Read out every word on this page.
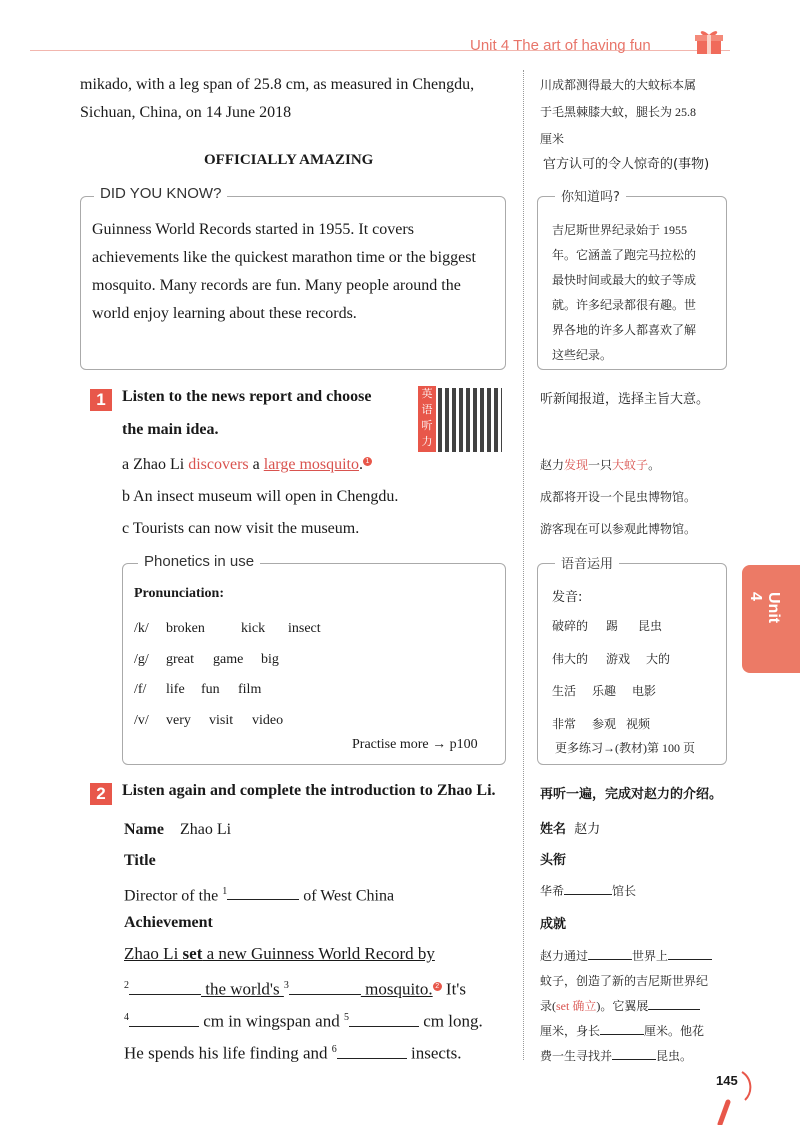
Unit 4 The art of having fun
mikado, with a leg span of 25.8 cm, as measured in Chengdu,
Sichuan, China, on 14 June 2018
川成都测得最大的大蚊标本属
于毛黑棘膝大蚊，腿长为 25.8
厘米
OFFICIALLY AMAZING	官方认可的令人惊奇的(事物)
DID YOU KNOW?
Guinness World Records started in 1955. It covers
achievements like the quickest marathon time or the biggest
mosquito. Many records are fun. Many people around the
world enjoy learning about these records.
你知道吗?
吉尼斯世界纪录始于 1955
年。它涵盖了跑完马拉松的
最快时间或最大的蚊子等成
就。许多纪录都很有趣。世
界各地的许多人都喜欢了解
这些纪录。
1	Listen to the news report and choose
the main idea.
英语听力
听新闻报道，选择主旨大意。
a Zhao Li discovers a large mosquito. 1
b An insect museum will open in Chengdu.
c Tourists can now visit the museum.
赵力发现一只大蚊子。
成都将开设一个昆虫博物馆。
游客现在可以参观此博物馆。
Phonetics in use
Pronunciation:
/k/ broken	kick insect
/g/ great game big
/f/ life fun film
/v/ very visit video
Practise more → p100
语音运用
发音:
破碎的 踢 昆虫
伟大的 游戏 大的
生活 乐趣 电影
非常 参观 视频
更多练习→(教材)第 100 页
Unit 4
2	Listen again and complete the introduction to Zhao Li.	再听一遍，完成对赵力的介绍。
Name Zhao Li
Title
Director of the $^1$	of West China
Achievement
Zhao Li set a new Guinness World Record by
$^2$	the world's $^3$	mosquito. 2 It's
$^4$	cm in wingspan and $^5$	cm long.
He spends his life finding and $^6$	insects.
姓名 赵力
头衔
华希	馆长
成就
赵力通过	世界上
蚊子，创造了新的吉尼斯世界纪
录(set 确立)。它翼展
厘米，身长	厘米。他花
费一生寻找并	昆虫。
145
